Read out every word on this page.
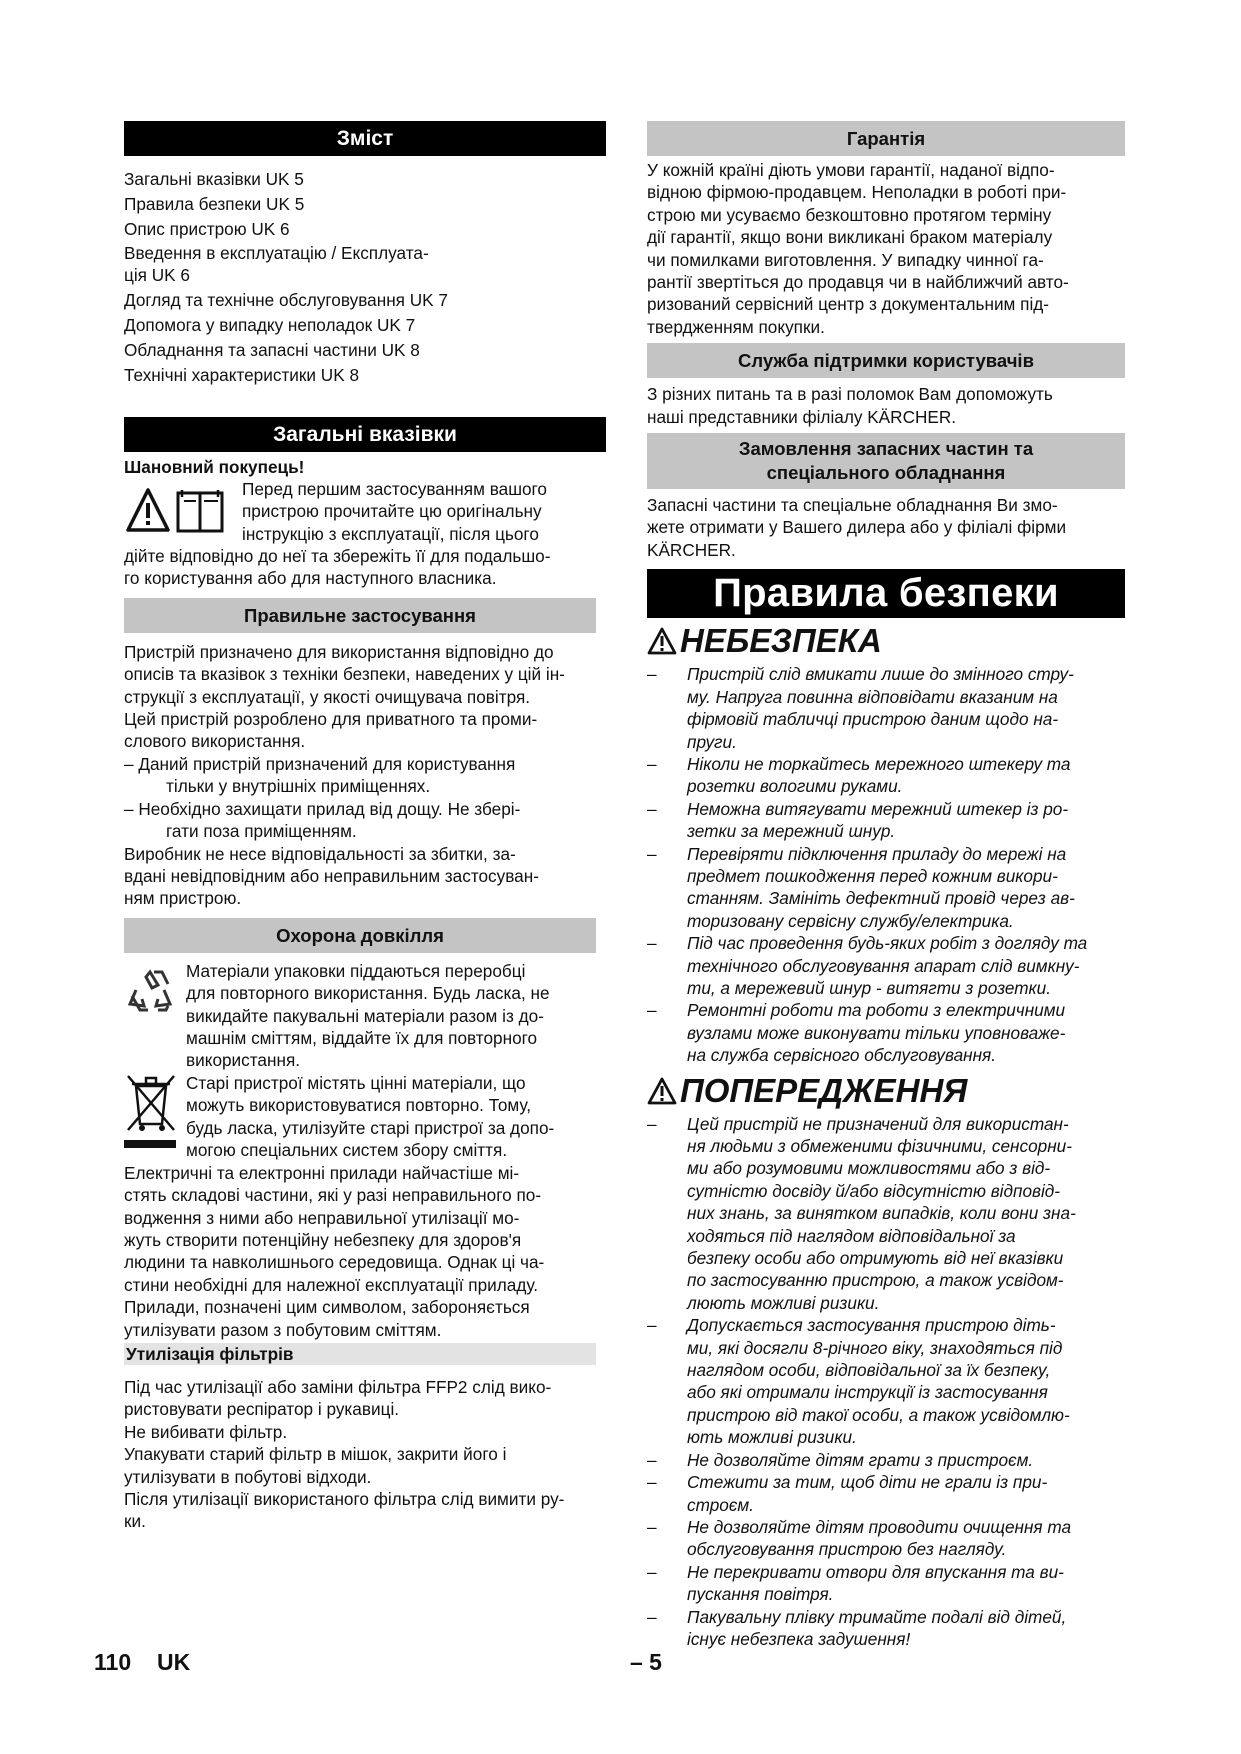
Зміст
Загальні вказівки UK 5
Правила безпеки UK 5
Опис пристрою UK 6
Введення в експлуатацію / Експлуата-
ція UK 6
Догляд та технічне обслуговування UK 7
Допомога у випадку неполадок UK 7
Обладнання та запасні частини UK 8
Технічні характеристики UK 8
Загальні вказівки
Шановний покупець!
Перед першим застосуванням вашого
пристрою прочитайте цю оригінальну
інструкцію з експлуатації, після цього
дійте відповідно до неї та збережіть її для подальшо-
го користування або для наступного власника.
Правильне застосування
Пристрій призначено для використання відповідно до
описів та вказівок з техніки безпеки, наведених у цій ін-
струкції з експлуатації, у якості очищувача повітря.
Цей пристрій розроблено для приватного та проми-
слового використання.
– Даний пристрій призначений для користування
тільки у внутрішніх приміщеннях.
– Необхідно захищати прилад від дощу. Не зберi-
гати поза приміщенням.
Виробник не несе відповідальності за збитки, за-
вдані невідповідним або неправильним застосуван-
ням пристрою.
Охорона довкілля
Матеріали упаковки піддаються переробці
для повторного використання. Будь ласка, не
викидайте пакувальні матеріали разом із до-
машнім сміттям, віддайте їх для повторного
використання.
Старі пристрої містять цінні матеріали, що
можуть використовуватися повторно. Тому,
будь ласка, утилізуйте старі пристрої за допо-
могою спеціальних систем збору сміття.
Електричні та електронні прилади найчастіше мі-
стять складові частини, які у разі неправильного по-
водження з ними або неправильної утилізації мо-
жуть створити потенційну небезпеку для здоров'я
людини та навколишнього середовища. Однак ці ча-
стини необхідні для належної експлуатації приладу.
Прилади, позначені цим символом, забороняється
утилізувати разом з побутовим сміттям.
Утилізація фільтрів
Під час утилізації або заміни фільтра FFP2 слід вико-
ристовувати респіратор і рукавиці.
Не вибивати фільтр.
Упакувати старий фільтр в мішок, закрити його і
утилізувати в побутові відходи.
Після утилізації використаного фільтра слід вимити ру-
ки.
Гарантія
У кожній країні діють умови гарантії, наданої відпо-
відною фірмою-продавцем. Неполадки в роботі при-
строю ми усуваємо безкоштовно протягом терміну
дії гарантії, якщо вони викликані браком матеріалу
чи помилками виготовлення. У випадку чинної га-
рантії звертіться до продавця чи в найближчий авто-
ризований сервісний центр з документальним під-
твердженням покупки.
Служба підтримки користувачів
З різних питань та в разі поломок Вам допоможуть
наші представники філіалу KÄRCHER.
Замовлення запасних частин та
спеціального обладнання
Запасні частини та спеціальне обладнання Ви змо-
жете отримати у Вашего дилера або у філіалі фірми
KÄRCHER.
Правила безпеки
НЕБЕЗПЕКА
–	Пристрій слід вмикати лише до змінного стру-
му. Напруга повинна відповідати вказаним на
фірмовій табличці пристрою даним щодо на-
пруги.
–	Ніколи не торкайтесь мережного штекеру та
розетки вологими руками.
–	Неможна витягувати мережний штекер із ро-
зетки за мережний шнур.
–	Перевіряти підключення приладу до мережі на
предмет пошкодження перед кожним викори-
станням. Замініть дефектний провід через ав-
торизовану сервісну службу/електрика.
–	Під час проведення будь-яких робіт з догляду та
технічного обслуговування апарат слід вимкну-
ти, а мережевий шнур - витягти з розетки.
–	Ремонтні роботи та роботи з електричними
вузлами може виконувати тільки уповноваже-
на служба сервісного обслуговування.
ПОПЕРЕДЖЕННЯ
–	Цей пристрій не призначений для використан-
ня людьми з обмеженими фізичними, сенсорни-
ми або розумовими можливостями або з від-
сутністю досвіду й/або відсутністю відповід-
них знань, за винятком випадків, коли вони зна-
ходяться під наглядом відповідальної за
безпеку особи або отримують від неї вказівки
по застосуванню пристрою, а також усвідом-
люють можливі ризики.
–	Допускається застосування пристрою діть-
ми, які досягли 8-річного віку, знаходяться під
наглядом особи, відповідальної за їх безпеку,
або які отримали інструкції із застосування
пристрою від такої особи, а також усвідомлю-
ють можливі ризики.
–	Не дозволяйте дітям грати з пристроєм.
–	Стежити за тим, щоб діти не грали із при-
строєм.
–	Не дозволяйте дітям проводити очищення та
обслуговування пристрою без нагляду.
–	Не перекривати отвори для впускання та ви-
пускання повітря.
–	Пакувальну плівку тримайте подалі від дітей,
існує небезпека задушення!
110 UK	– 5
